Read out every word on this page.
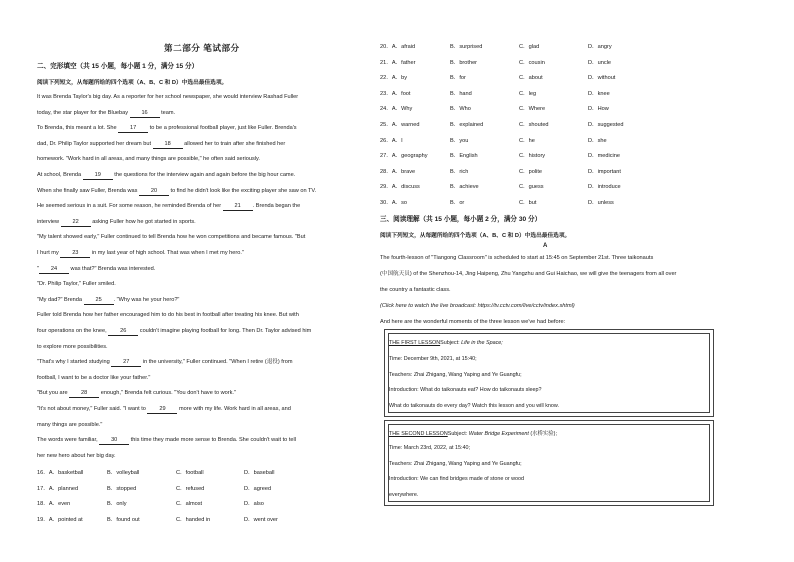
第二部分 笔试部分
二、完形填空（共 15 小题，每小题 1 分，满分 15 分）
阅读下列短文，从每题所给的四个选项（A、B、C 和 D）中选出最佳选项。
It was Brenda Taylor's big day. As a reporter for her school newspaper, she would interview Rashad Fuller
today, the star player for the Bluebay 16 team.
To Brenda, this meant a lot. She 17 to be a professional football player, just like Fuller. Brenda's
dad, Dr. Philip Taylor supported her dream but 18 allowed her to train after she finished her
homework. "Work hard in all areas, and many things are possible," he often said seriously.
At school, Brenda 19 the questions for the interview again and again before the big hour came.
When she finally saw Fuller, Brenda was 20 to find he didn't look like the exciting player she saw on TV.
He seemed serious in a suit. For some reason, he reminded Brenda of her 21 . Brenda began the
interview 22 asking Fuller how he got started in sports.
"My talent showed early," Fuller continued to tell Brenda how he won competitions and became famous. "But
I hurt my 23 in my last year of high school. That was when I met my hero."
" 24 was that?" Brenda was interested.
"Dr. Philip Taylor," Fuller smiled.
"My dad?" Brenda 25 . "Why was he your hero?"
Fuller told Brenda how her father encouraged him to do his best in football after treating his knee. But with
four operations on the knee, 26 couldn't imagine playing football for long. Then Dr. Taylor advised him
to explore more possibilities.
"That's why I started studying 27 in the university," Fuller continued. "When I retire (退役) from
football, I want to be a doctor like your father."
"But you are 28 enough," Brenda felt curious. "You don't have to work."
"It's not about money," Fuller said. "I want to 29 more with my life. Work hard in all areas, and
many things are possible."
The words were familiar, 30 this time they made more sense to Brenda. She couldn't wait to tell
her new hero about her big day.
16．A．basketball	B．volleyball	C．football	D．baseball
17．A．planned	B．stopped	C．refused	D．agreed
18．A．even	B．only	C．almost	D．also
19．A．pointed at	B．found out	C．handed in	D．went over
20．A．afraid	B．surprised	C．glad	D．angry
21．A．father	B．brother	C．cousin	D．uncle
22．A．by	B．for	C．about	D．without
23．A．foot	B．hand	C．leg	D．knee
24．A．Why	B．Who	C．Where	D．How
25．A．warned	B．explained	C．shouted	D．suggested
26．A．I	B．you	C．he	D．she
27．A．geography	B．English	C．history	D．medicine
28．A．brave	B．rich	C．polite	D．important
29．A．discuss	B．achieve	C．guess	D．introduce
30．A．so	B．or	C．but	D．unless
三、阅读理解（共 15 小题，每小题 2 分，满分 30 分）
阅读下列短文，从每题所给的四个选项（A、B、C 和 D）中选出最佳选项。
A
The fourth-lesson of "Tiangong Classroom" is scheduled to start at 15:45 on September 21st. Three taikonauts
(中国航天员) of the Shenzhou-14, Jing Haipeng, Zhu Yangzhu and Gui Haichao, we will give the teenagers from all over
the country a fantastic class.
(Click here to watch the live broadcast: https://tv.cctv.com/live/cctv/index.shtml)
And here are the wonderful moments of the three lesson we've had before:
THE FIRST LESSONSubject: Life in the Space;
Time: December 9th, 2021, at 15:40;
Teachers: Zhai Zhigang, Wang Yaping and Ye Guangfu;
Introduction: What do taikonauts eat? How do taikonauts sleep?
What do taikonauts do every day? Watch this lesson and you will know.
THE SECOND LESSONSubject: Water Bridge Experiment (水桥实验);
Time: March 23rd, 2022, at 15:40;
Teachers: Zhai Zhigang, Wang Yaping and Ye Guangfu;
Introduction: We can find bridges made of stone or wood
everywhere.
